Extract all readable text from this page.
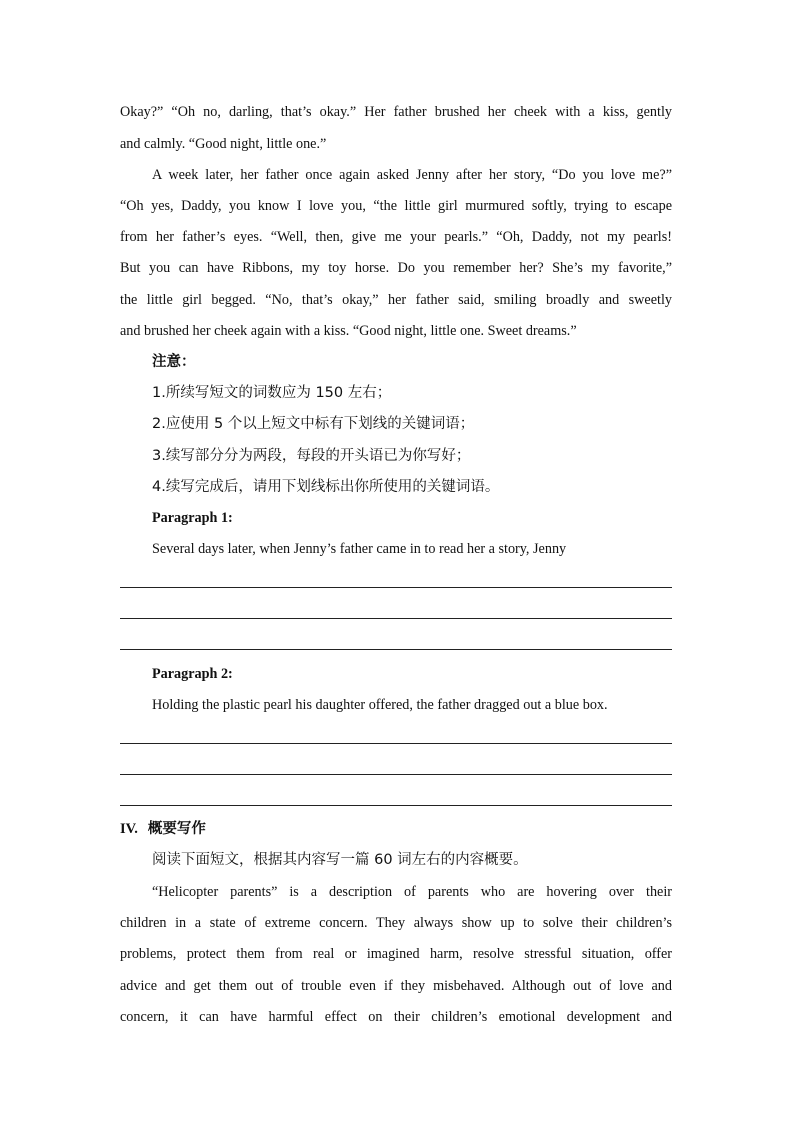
Okay?” “Oh no, darling, that’s okay.” Her father brushed her cheek with a kiss, gently
and calmly. “Good night, little one.”
A week later, her father once again asked Jenny after her story, “Do you love me?”
“Oh yes, Daddy, you know I love you, “the little girl murmured softly, trying to escape
from her father’s eyes. “Well, then, give me your pearls.” “Oh, Daddy, not my pearls!
But you can have Ribbons, my toy horse. Do you remember her? She’s my favorite,”
the little girl begged. “No, that’s okay,” her father said, smiling broadly and sweetly
and brushed her cheek again with a kiss. “Good night, little one. Sweet dreams.”
注意：
1.所续写短文的词数应为 150 左右；
2.应使用 5 个以上短文中标有下划线的关键词语；
3.续写部分分为两段，每段的开头语已为你写好；
4.续写完成后，请用下划线标出你所使用的关键词语。
Paragraph 1:
Several days later, when Jenny’s father came in to read her a story, Jenny
Paragraph 2:
Holding the plastic pearl his daughter offered, the father dragged out a blue box.
IV. 概要写作
阅读下面短文，根据其内容写一篇 60 词左右的内容概要。
“Helicopter parents” is a description of parents who are hovering over their
children in a state of extreme concern. They always show up to solve their children’s
problems, protect them from real or imagined harm, resolve stressful situation, offer
advice and get them out of trouble even if they misbehaved. Although out of love and
concern, it can have harmful effect on their children’s emotional development and
